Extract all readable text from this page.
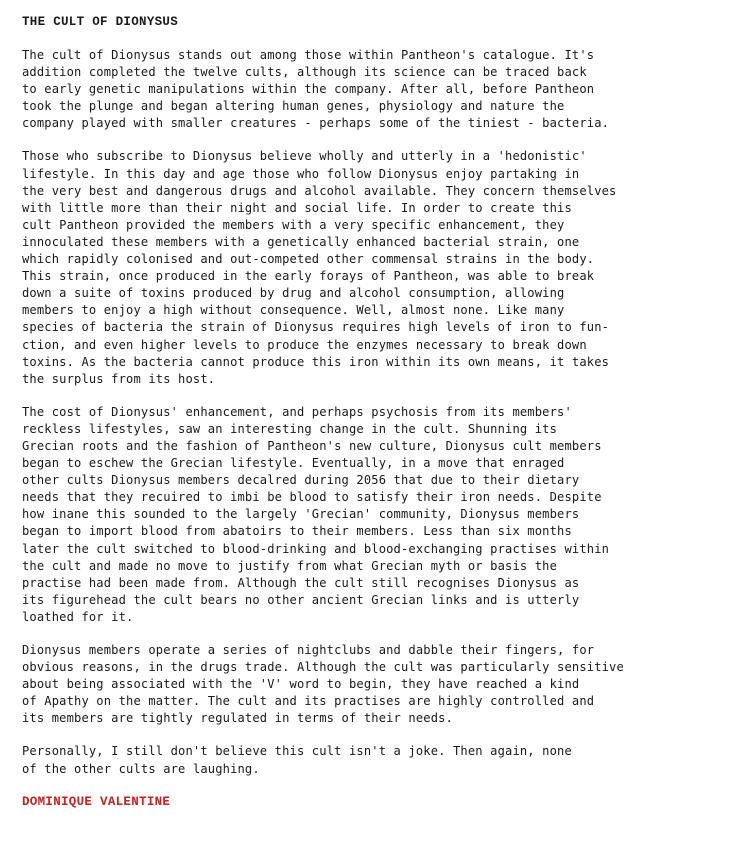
THE CULT OF DIONYSUS
The cult of Dionysus stands out among those within Pantheon's catalogue. It's
addition completed the twelve cults, although its science can be traced back
to early genetic manipulations within the company. After all, before Pantheon
took the plunge and began altering human genes, physiology and nature the
company played with smaller creatures - perhaps some of the tiniest - bacteria.
Those who subscribe to Dionysus believe wholly and utterly in a 'hedonistic'
lifestyle. In this day and age those who follow Dionysus enjoy partaking in
the very best and dangerous drugs and alcohol available. They concern themselves
with little more than their night and social life. In order to create this
cult Pantheon provided the members with a very specific enhancement, they
innoculated these members with a genetically enhanced bacterial strain, one
which rapidly colonised and out-competed other commensal strains in the body.
This strain, once produced in the early forays of Pantheon, was able to break
down a suite of toxins produced by drug and alcohol consumption, allowing
members to enjoy a high without consequence. Well, almost none. Like many
species of bacteria the strain of Dionysus requires high levels of iron to fun-
ction, and even higher levels to produce the enzymes necessary to break down
toxins. As the bacteria cannot produce this iron within its own means, it takes
the surplus from its host.
The cost of Dionysus' enhancement, and perhaps psychosis from its members'
reckless lifestyles, saw an interesting change in the cult. Shunning its
Grecian roots and the fashion of Pantheon's new culture, Dionysus cult members
began to eschew the Grecian lifestyle. Eventually, in a move that enraged
other cults Dionysus members decalred during 2056 that due to their dietary
needs that they recuired to imbi be blood to satisfy their iron needs. Despite
how inane this sounded to the largely 'Grecian' community, Dionysus members
began to import blood from abatoirs to their members. Less than six months
later the cult switched to blood-drinking and blood-exchanging practises within
the cult and made no move to justify from what Grecian myth or basis the
practise had been made from. Although the cult still recognises Dionysus as
its figurehead the cult bears no other ancient Grecian links and is utterly
loathed for it.
Dionysus members operate a series of nightclubs and dabble their fingers, for
obvious reasons, in the drugs trade. Although the cult was particularly sensitive
about being associated with the 'V' word to begin, they have reached a kind
of Apathy on the matter. The cult and its practises are highly controlled and
its members are tightly regulated in terms of their needs.
Personally, I still don't believe this cult isn't a joke. Then again, none
of the other cults are laughing.
DOMINIQUE VALENTINE
